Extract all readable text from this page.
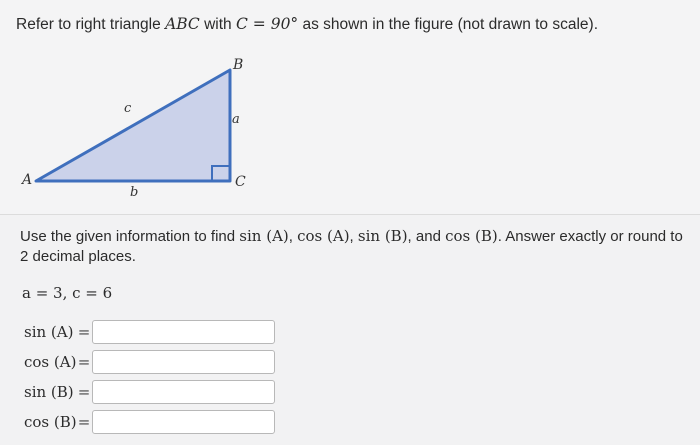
Refer to right triangle ABC with C = 90° as shown in the figure (not drawn to scale).
A
B
C
c
a
b
Use the given information to find sin (A), cos (A), sin (B), and cos (B). Answer exactly or round to 2 decimal places.
a = 3, c = 6
sin (A) =
cos (A) =
sin (B) =
cos (B) =
